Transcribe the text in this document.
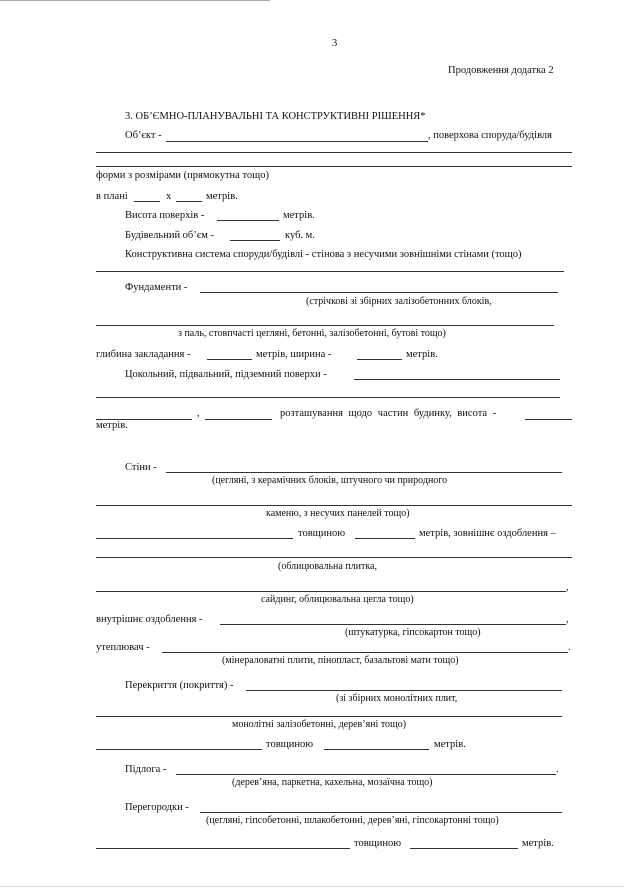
3
Продовження додатка 2
3. ОБ’ЄМНО-ПЛАНУВАЛЬНІ ТА КОНСТРУКТИВНІ РІШЕННЯ*
Об’єкт -	, поверхова споруда/будівля
форми з розмірами (прямокутна тощо)
в плані	х	метрів.
Висота поверхів -	метрів.
Будівельний об’єм -	куб. м.
Конструктивна система споруди/будівлі - стінова з несучими зовнішніми стінами (тощо)
Фундаменти -
(стрічкові зі збірних залізобетонних блоків,
з паль, стовпчасті цегляні, бетонні, залізобетонні, бутові тощо)
глибина закладання -	метрів, ширина -	метрів.
Цокольний, підвальний, підземний поверхи -
,	розташування щодо частин будинку, висота -
метрів.
Стіни -
(цегляні, з керамічних блоків, штучного чи природного
каменю, з несучих панелей тощо)
товщиною	метрів, зовнішнє оздоблення –
(облицювальна плитка,
,
сайдинг, облицювальна цегла тощо)
внутрішнє оздоблення -	,
(штукатурка, гіпсокартон тощо)
утеплювач -	.
(мінераловатні плити, пінопласт, базальтові мати тощо)
Перекриття (покриття) -
(зі збірних монолітних плит,
монолітні залізобетонні, дерев’яні тощо)
товщиною	метрів.
Підлога -	.
(дерев’яна, паркетна, кахельна, мозаїчна тощо)
Перегородки -
(цегляні, гіпсобетонні, шлакобетонні, дерев’яні, гіпсокартонні тощо)
товщиною	метрів.
